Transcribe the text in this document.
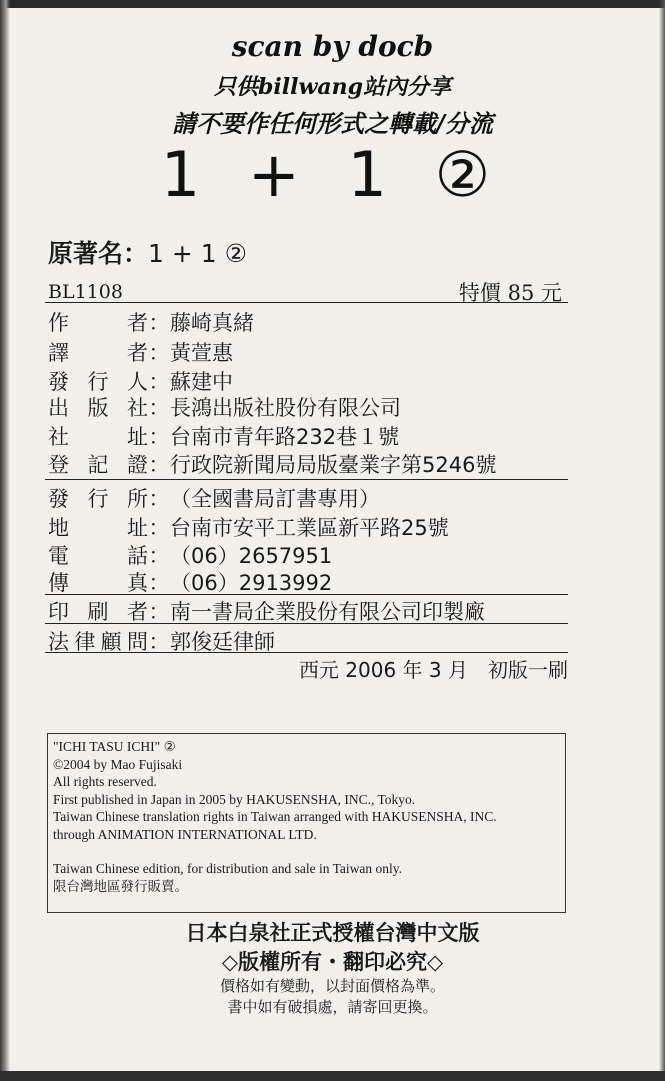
scan by docb
只供billwang站內分享
請不要作任何形式之轉載/分流
1 + 1 ②
原著名：1 + 1 ②
BL1108	特價 85 元
作者：藤崎真緒
譯者：黃萱惠
發行人：蘇建中
出版社：長鴻出版社股份有限公司
社址：台南市青年路232巷１號
登記證：行政院新聞局局版臺業字第5246號
發行所：（全國書局訂書專用）
地址：台南市安平工業區新平路25號
電話：（06）2657951
傳真：（06）2913992
印刷者：南一書局企業股份有限公司印製廠
法律顧問：郭俊廷律師
西元 2006 年 3 月　初版一刷
"ICHI TASU ICHI" ②
©2004 by Mao Fujisaki
All rights reserved.
First published in Japan in 2005 by HAKUSENSHA, INC., Tokyo.
Taiwan Chinese translation rights in Taiwan arranged with HAKUSENSHA, INC.
through ANIMATION INTERNATIONAL LTD.
Taiwan Chinese edition, for distribution and sale in Taiwan only.
限台灣地區發行販賣。
日本白泉社正式授權台灣中文版
◇版權所有・翻印必究◇
價格如有變動，以封面價格為準。
書中如有破損處，請寄回更換。
